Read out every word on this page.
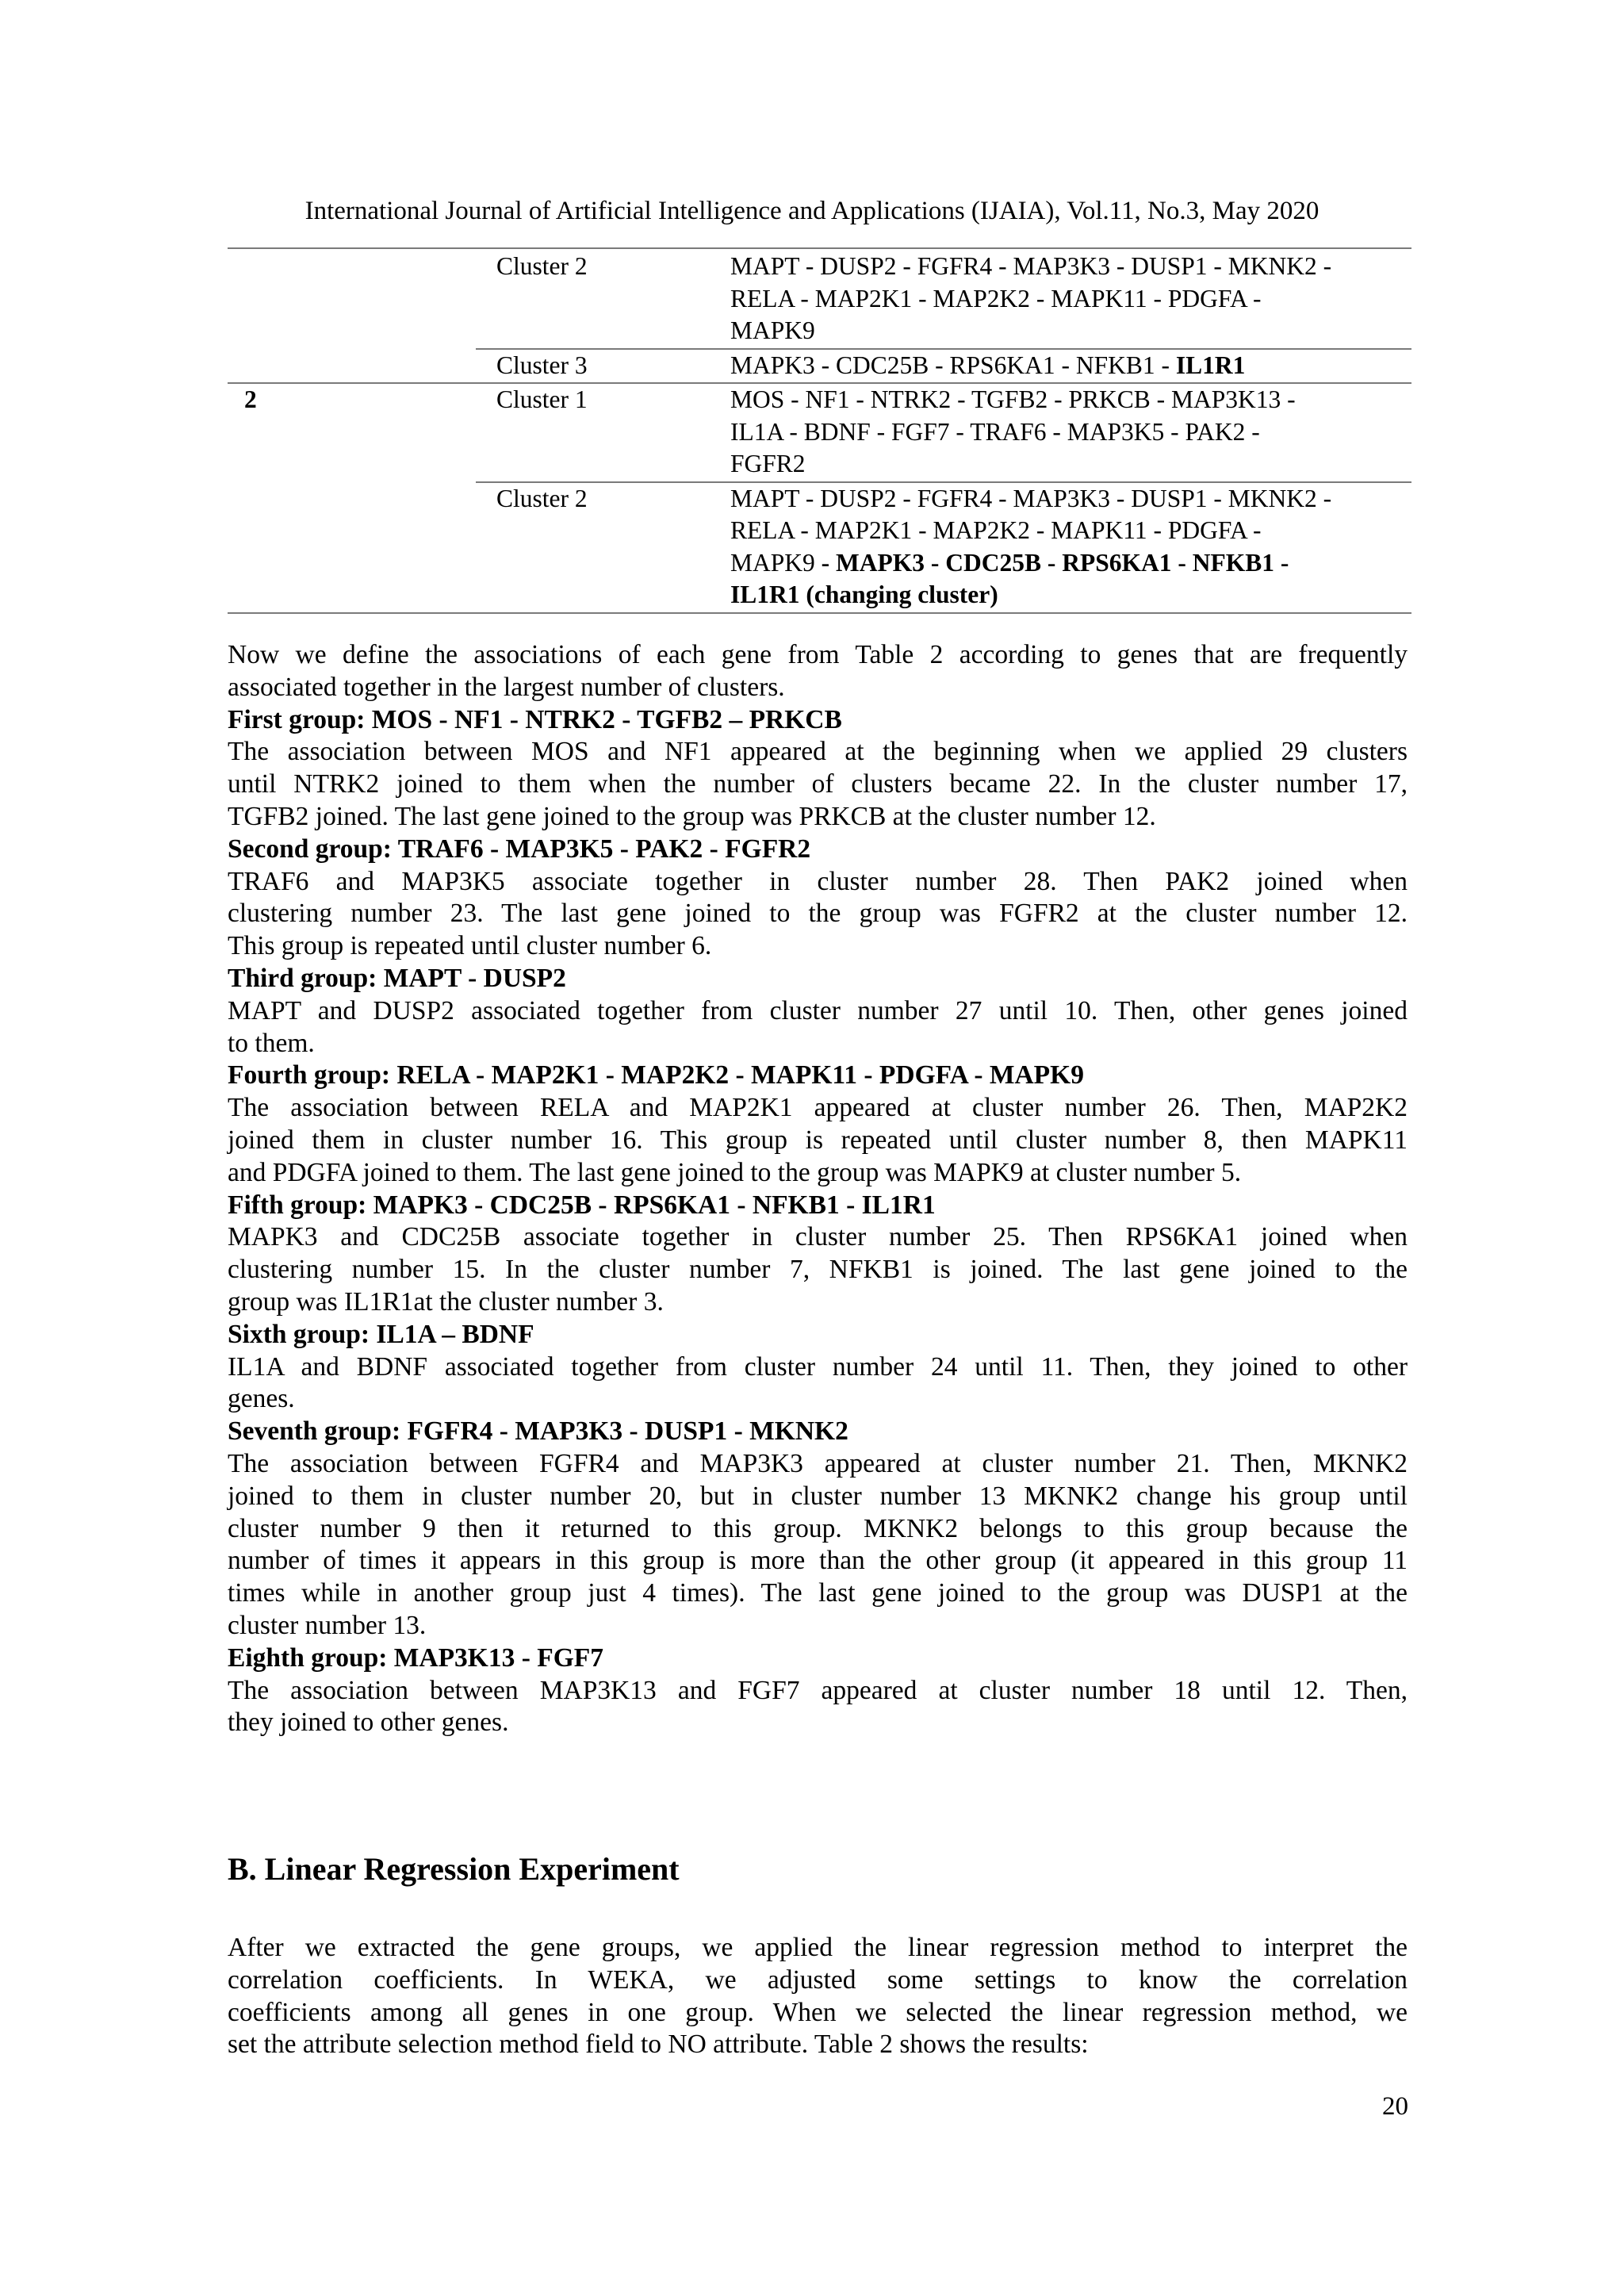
International Journal of Artificial Intelligence and Applications (IJAIA), Vol.11, No.3, May 2020
Cluster 2	MAPT - DUSP2 - FGFR4 - MAP3K3 - DUSP1 - MKNK2 -
RELA - MAP2K1 - MAP2K2 - MAPK11 - PDGFA -
MAPK9
Cluster 3	MAPK3 - CDC25B - RPS6KA1 - NFKB1 - IL1R1
2	Cluster 1	MOS - NF1 - NTRK2 - TGFB2 - PRKCB - MAP3K13 -
IL1A - BDNF - FGF7 - TRAF6 - MAP3K5 - PAK2 -
FGFR2
Cluster 2	MAPT - DUSP2 - FGFR4 - MAP3K3 - DUSP1 - MKNK2 -
RELA - MAP2K1 - MAP2K2 - MAPK11 - PDGFA -
MAPK9 - MAPK3 - CDC25B - RPS6KA1 - NFKB1 -
IL1R1 (changing cluster)
Now we define the associations of each gene from Table 2 according to genes that are frequently
associated together in the largest number of clusters.
First group: MOS - NF1 - NTRK2 - TGFB2 – PRKCB
The association between MOS and NF1 appeared at the beginning when we applied 29 clusters
until NTRK2 joined to them when the number of clusters became 22. In the cluster number 17,
TGFB2 joined. The last gene joined to the group was PRKCB at the cluster number 12.
Second group: TRAF6 - MAP3K5 - PAK2 - FGFR2
TRAF6 and MAP3K5 associate together in cluster number 28. Then PAK2 joined when
clustering number 23. The last gene joined to the group was FGFR2 at the cluster number 12.
This group is repeated until cluster number 6.
Third group: MAPT - DUSP2
MAPT and DUSP2 associated together from cluster number 27 until 10. Then, other genes joined
to them.
Fourth group: RELA - MAP2K1 - MAP2K2 - MAPK11 - PDGFA - MAPK9
The association between RELA and MAP2K1 appeared at cluster number 26. Then, MAP2K2
joined them in cluster number 16. This group is repeated until cluster number 8, then MAPK11
and PDGFA joined to them. The last gene joined to the group was MAPK9 at cluster number 5.
Fifth group: MAPK3 - CDC25B - RPS6KA1 - NFKB1 - IL1R1
MAPK3 and CDC25B associate together in cluster number 25. Then RPS6KA1 joined when
clustering number 15. In the cluster number 7, NFKB1 is joined. The last gene joined to the
group was IL1R1at the cluster number 3.
Sixth group: IL1A – BDNF
IL1A and BDNF associated together from cluster number 24 until 11. Then, they joined to other
genes.
Seventh group: FGFR4 - MAP3K3 - DUSP1 - MKNK2
The association between FGFR4 and MAP3K3 appeared at cluster number 21. Then, MKNK2
joined to them in cluster number 20, but in cluster number 13 MKNK2 change his group until
cluster number 9 then it returned to this group. MKNK2 belongs to this group because the
number of times it appears in this group is more than the other group (it appeared in this group 11
times while in another group just 4 times). The last gene joined to the group was DUSP1 at the
cluster number 13.
Eighth group: MAP3K13 - FGF7
The association between MAP3K13 and FGF7 appeared at cluster number 18 until 12. Then,
they joined to other genes.
After we extracted the gene groups, we applied the linear regression method to interpret the
correlation coefficients. In WEKA, we adjusted some settings to know the correlation
coefficients among all genes in one group. When we selected the linear regression method, we
set the attribute selection method field to NO attribute. Table 2 shows the results:
B. Linear Regression Experiment
20
